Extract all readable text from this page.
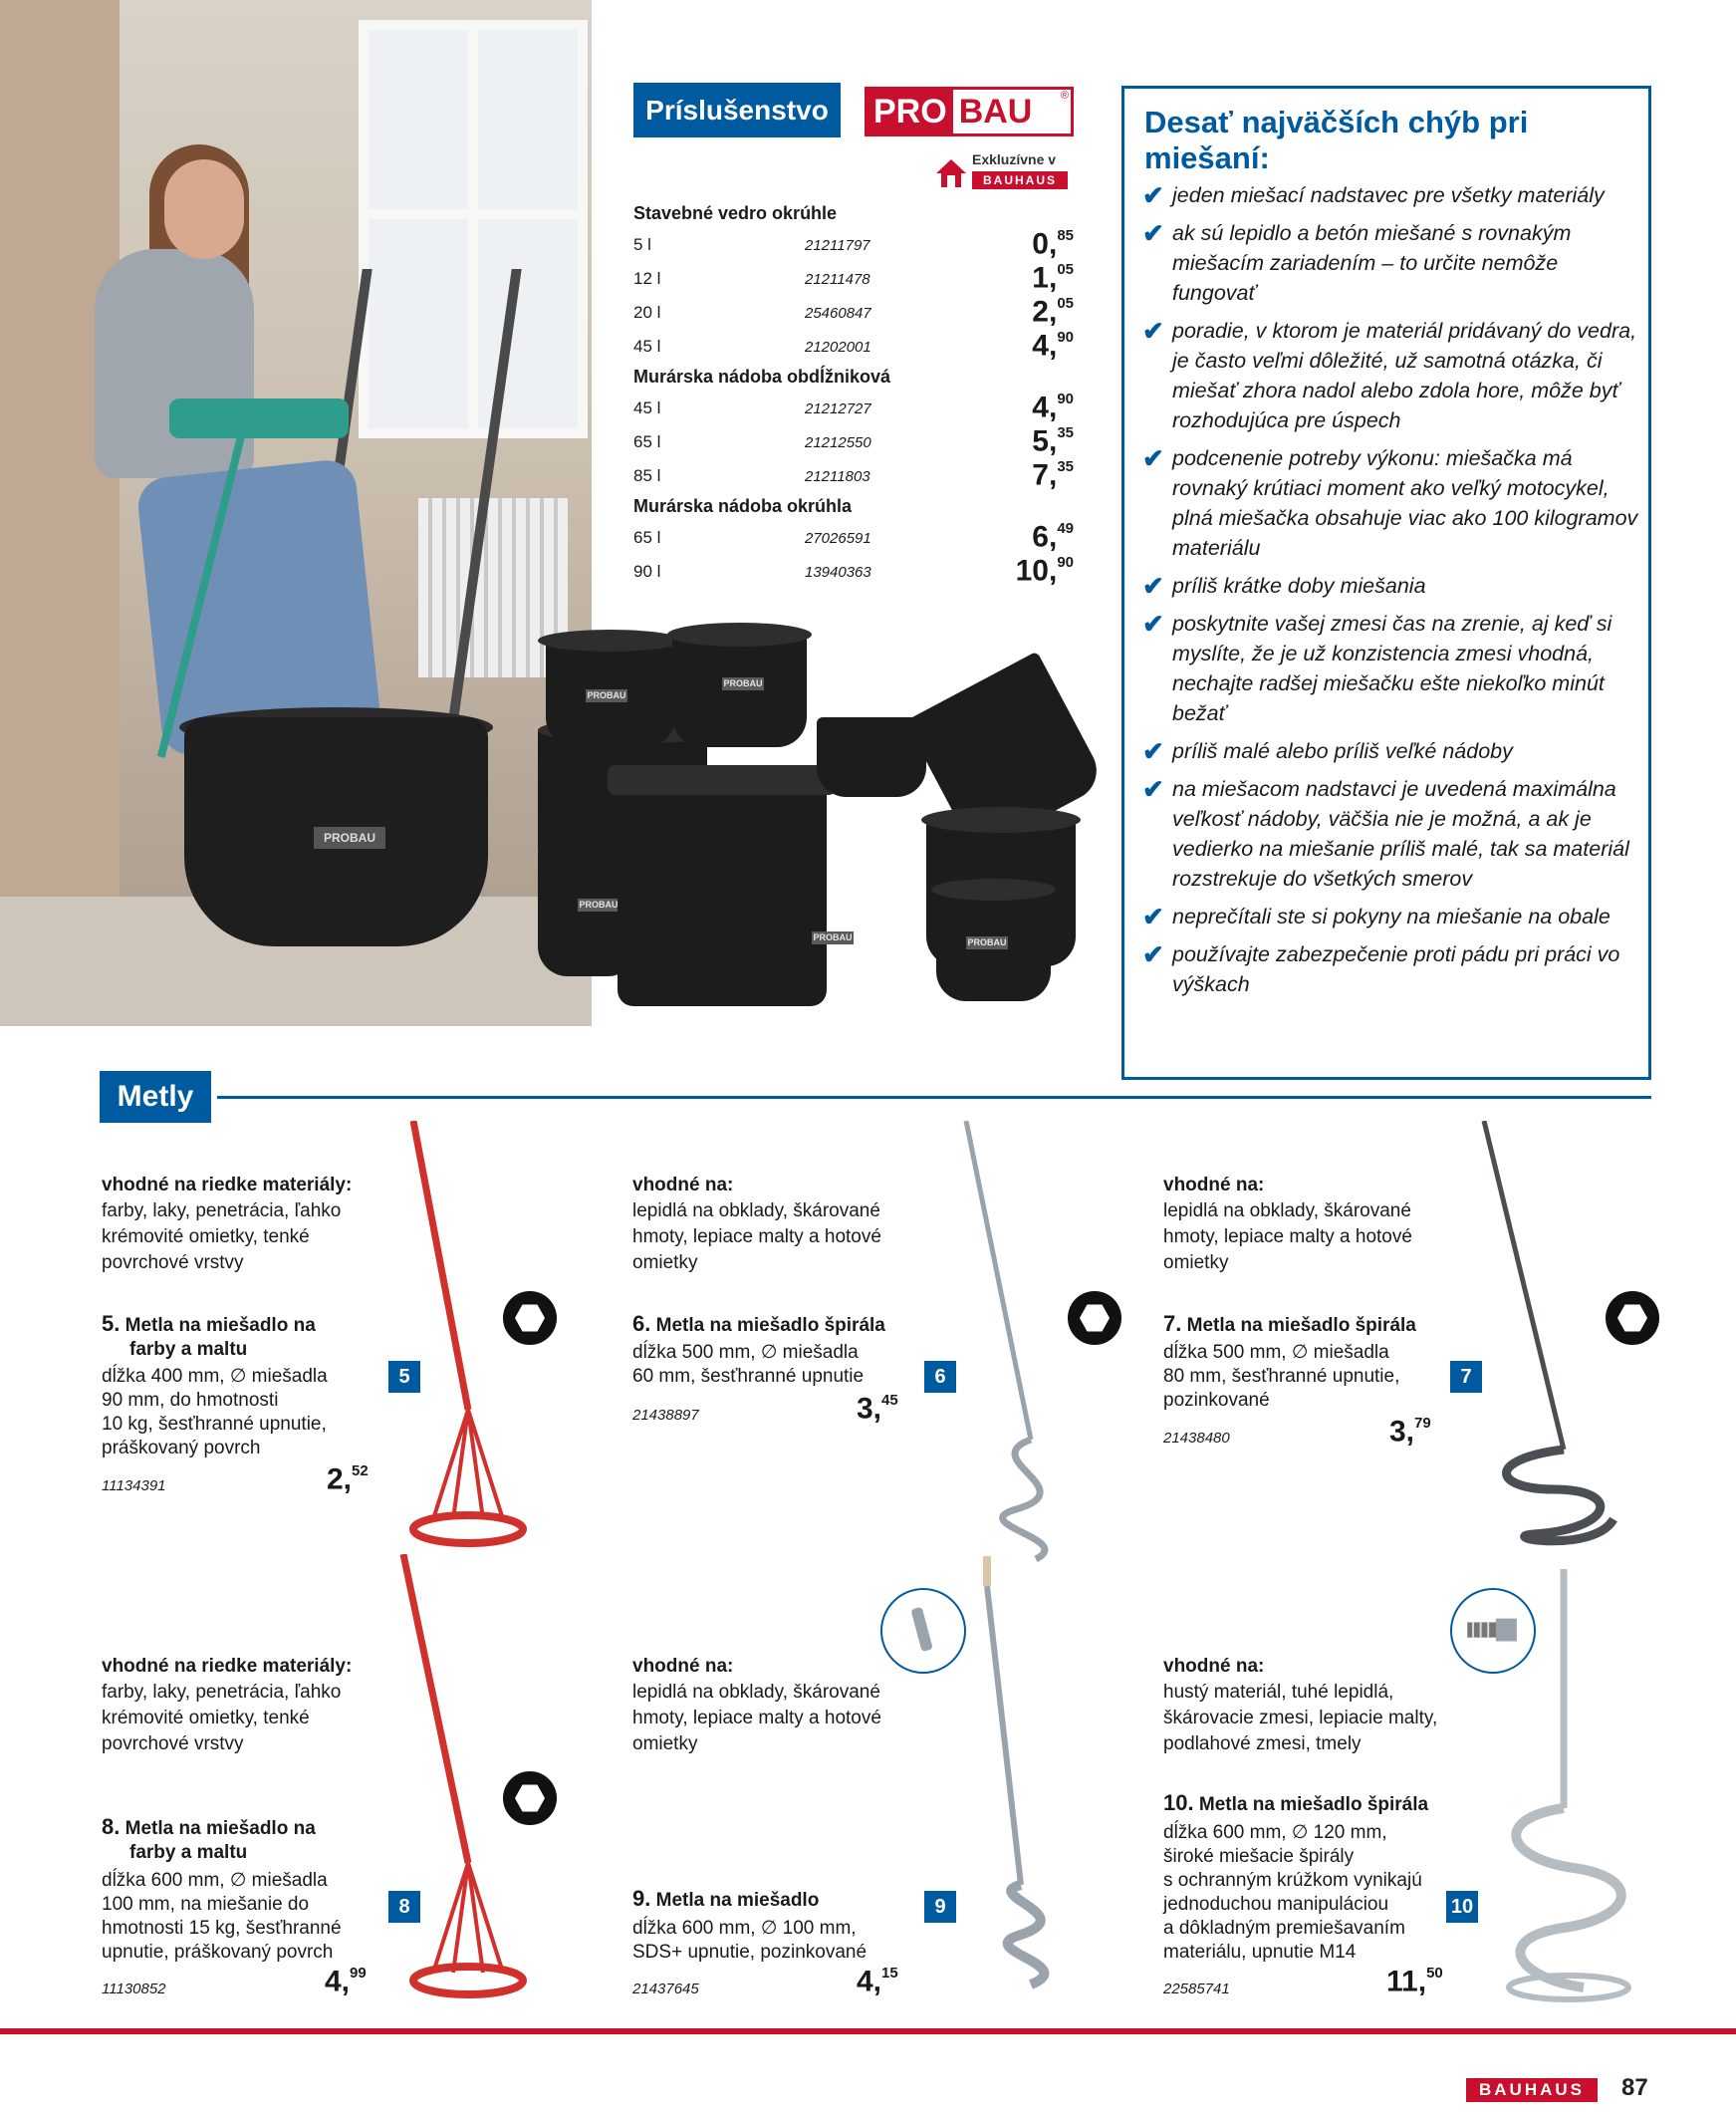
PROBAU
PROBAU
PROBAU
PROBAU
PROBAU	PROBAU
Príslušenstvo	PRO BAU	®
Exkluzívne v
BAUHAUS
Stavebné vedro okrúhle
5 l	21211797	0,85
12 l	21211478	1,05
20 l	25460847	2,05
45 l	21202001	4,90
Murárska nádoba obdĺžniková
45 l	21212727	4,90
65 l	21212550	5,35
85 l	21211803	7,35
Murárska nádoba okrúhla
65 l	27026591	6,49
90 l	13940363	10,90
Desať najväčších chýb pri miešaní:
✔ jeden miešací nadstavec pre všetky materiály
✔ ak sú lepidlo a betón miešané s rovnakým miešacím zariadením – to určite nemôže fungovať
✔ poradie, v ktorom je materiál pridávaný do vedra, je často veľmi dôležité, už samotná otázka, či miešať zhora nadol alebo zdola hore, môže byť rozhodujúca pre úspech
✔ podcenenie potreby výkonu: miešačka má rovnaký krútiaci moment ako veľký motocykel, plná miešačka obsahuje viac ako 100 kilogramov materiálu
✔ príliš krátke doby miešania
✔ poskytnite vašej zmesi čas na zrenie, aj keď si myslíte, že je už konzistencia zmesi vhodná, nechajte radšej miešačku ešte niekoľko minút bežať
✔ príliš malé alebo príliš veľké nádoby
✔ na miešacom nadstavci je uvedená maximálna veľkosť nádoby, väčšia nie je možná, a ak je vedierko na miešanie príliš malé, tak sa materiál rozstrekuje do všetkých smerov
✔ neprečítali ste si pokyny na miešanie na obale
✔ používajte zabezpečenie proti pádu pri práci vo výškach
Metly
vhodné na riedke materiály:
farby, laky, penetrácia, ľahko
krémovité omietky, tenké
povrchové vrstvy
5. Metla na miešadlo na
farby a maltu
dĺžka 400 mm, ∅ miešadla
90 mm, do hmotnosti
10 kg, šesťhranné upnutie,
práškovaný povrch
11134391	2,52
5
vhodné na:
lepidlá na obklady, škárované
hmoty, lepiace malty a hotové
omietky
6. Metla na miešadlo špirála
dĺžka 500 mm, ∅ miešadla
60 mm, šesťhranné upnutie
21438897	3,45
6
vhodné na:
lepidlá na obklady, škárované
hmoty, lepiace malty a hotové
omietky
7. Metla na miešadlo špirála
dĺžka 500 mm, ∅ miešadla
80 mm, šesťhranné upnutie,
pozinkované
21438480	3,79
7
vhodné na riedke materiály:
farby, laky, penetrácia, ľahko
krémovité omietky, tenké
povrchové vrstvy
8. Metla na miešadlo na
farby a maltu
dĺžka 600 mm, ∅ miešadla
100 mm, na miešanie do
hmotnosti 15 kg, šesťhranné
upnutie, práškovaný povrch
11130852	4,99
8
vhodné na:
lepidlá na obklady, škárované
hmoty, lepiace malty a hotové
omietky
9. Metla na miešadlo
dĺžka 600 mm, ∅ 100 mm,
SDS+ upnutie, pozinkované
21437645	4,15
9
vhodné na:
hustý materiál, tuhé lepidlá,
škárovacie zmesi, lepiacie malty,
podlahové zmesi, tmely
10. Metla na miešadlo špirála
dĺžka 600 mm, ∅ 120 mm,
široké miešacie špirály
s ochranným krúžkom vynikajú
jednoduchou manipuláciou
a dôkladným premiešavaním
materiálu, upnutie M14
22585741	11,50
10
BAUHAUS	87
